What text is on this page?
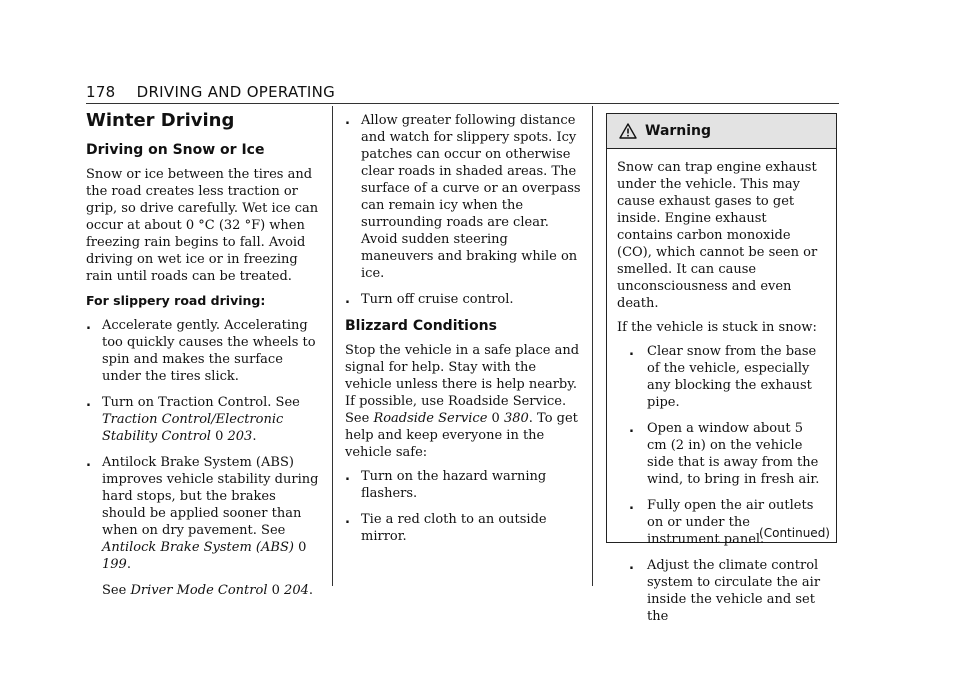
178 DRIVING AND OPERATING
Winter Driving
Driving on Snow or Ice

Snow or ice between the tires and the road creates less traction or grip, so drive carefully. Wet ice can occur at about 0 °C (32 °F) when freezing rain begins to fall. Avoid driving on wet ice or in freezing rain until roads can be treated.

For slippery road driving:
. Accelerate gently. Accelerating too quickly causes the wheels to spin and makes the surface under the tires slick.
. Turn on Traction Control. See
Traction Control/Electronic Stability Control 0 203.
. Antilock Brake System (ABS) improves vehicle stability during hard stops, but the brakes should be applied sooner than when on dry pavement. See Antilock Brake System (ABS) 0 199.

See Driver Mode Control 0 204.

. Allow greater following distance and watch for slippery spots. Icy patches can occur on otherwise clear roads in shaded areas. The surface of a curve or an overpass can remain icy when the surrounding roads are clear. Avoid sudden steering maneuvers and braking while on ice.
. Turn off cruise control.
Blizzard Conditions

Stop the vehicle in a safe place and signal for help. Stay with the vehicle unless there is help nearby. If possible, use Roadside Service. See Roadside Service 0 380. To get help and keep everyone in the vehicle safe:

. Turn on the hazard warning flashers.
. Tie a red cloth to an outside mirror.
Warning

Snow can trap engine exhaust under the vehicle. This may cause exhaust gases to get inside. Engine exhaust contains carbon monoxide (CO), which cannot be seen or smelled. It can cause unconsciousness and even death.

If the vehicle is stuck in snow:

. Clear snow from the base of the vehicle, especially any blocking the exhaust pipe.
. Open a window about 5 cm (2 in) on the vehicle side that is away from the wind, to bring in fresh air.
. Fully open the air outlets on or under the instrument panel.
. Adjust the climate control system to circulate the air inside the vehicle and set the
(Continued)
